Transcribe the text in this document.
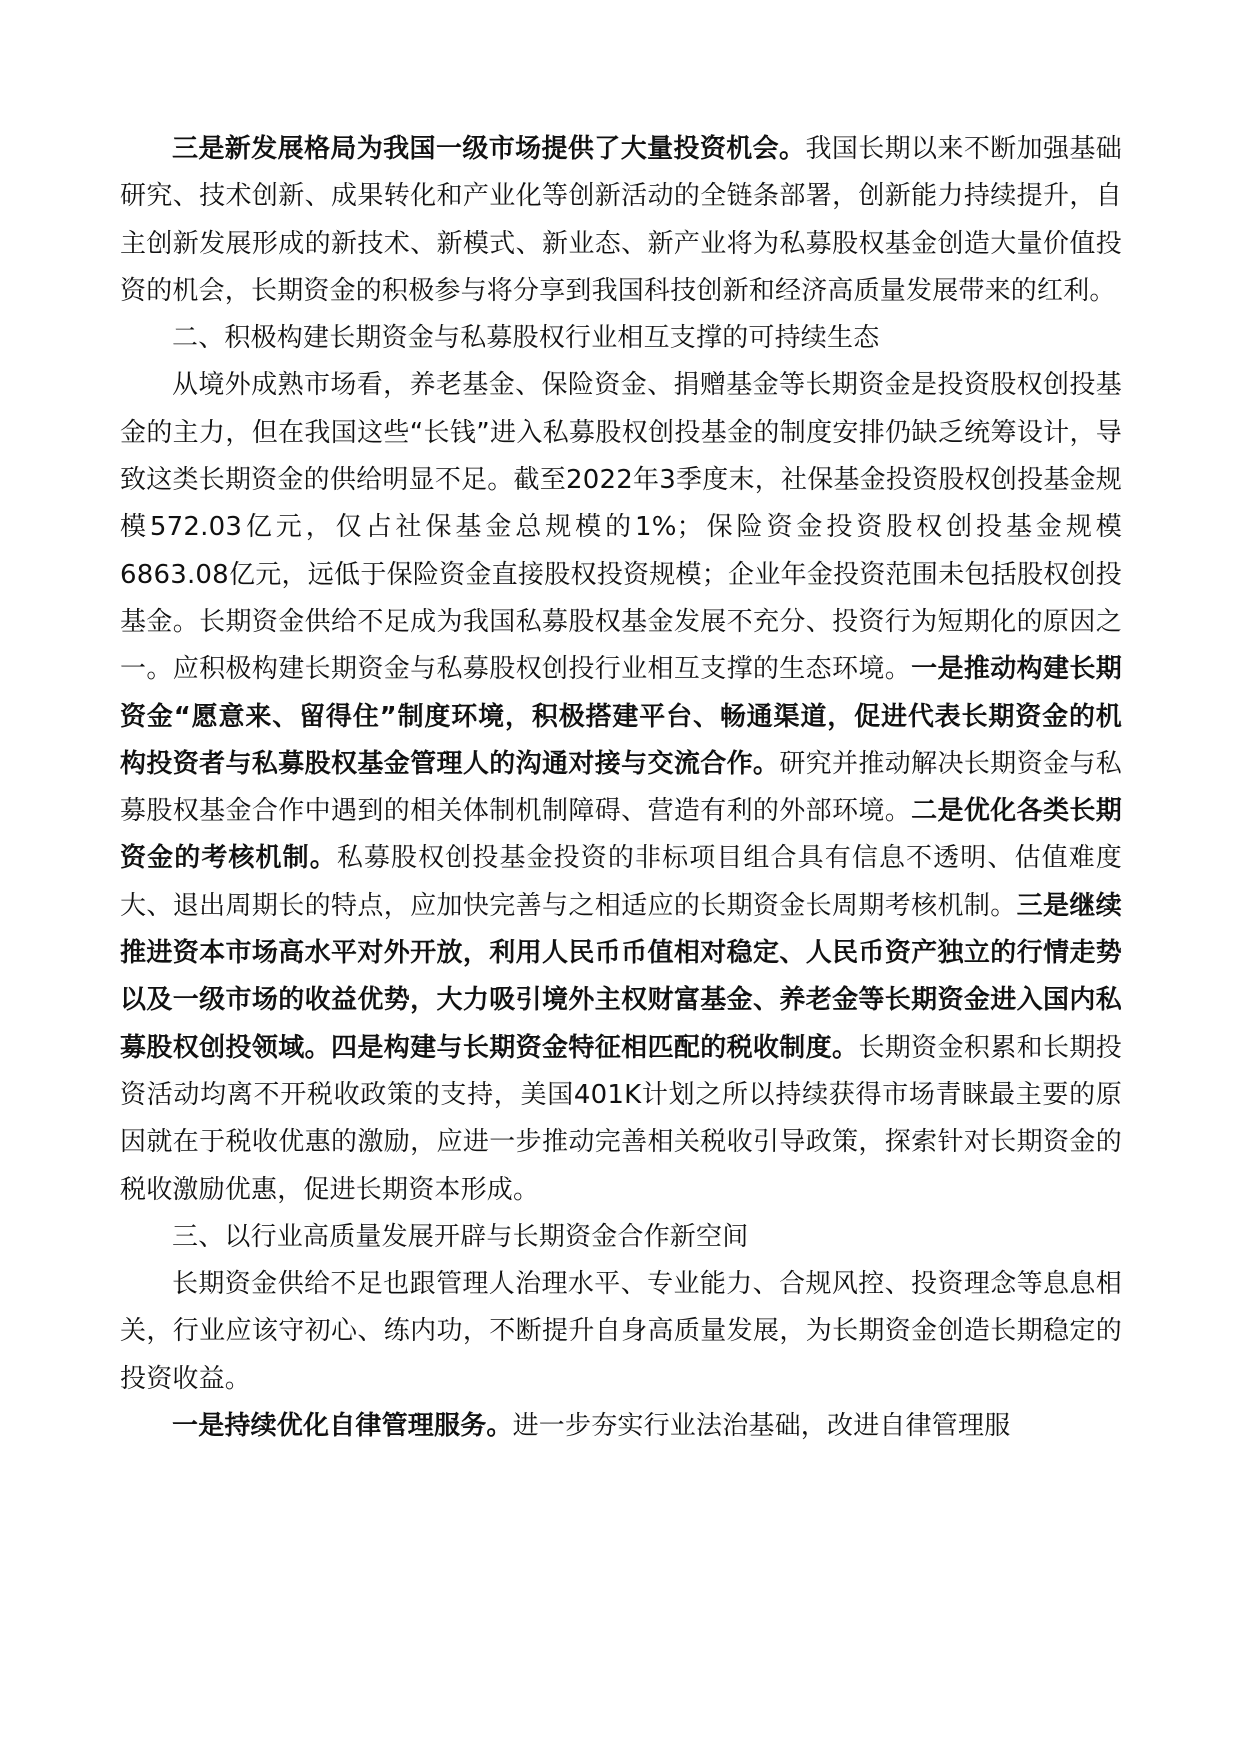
三是新发展格局为我国一级市场提供了大量投资机会。我国长期以来不断加强基础研究、技术创新、成果转化和产业化等创新活动的全链条部署，创新能力持续提升，自主创新发展形成的新技术、新模式、新业态、新产业将为私募股权基金创造大量价值投资的机会，长期资金的积极参与将分享到我国科技创新和经济高质量发展带来的红利。

二、积极构建长期资金与私募股权行业相互支撑的可持续生态

从境外成熟市场看，养老基金、保险资金、捐赠基金等长期资金是投资股权创投基金的主力，但在我国这些“长钱”进入私募股权创投基金的制度安排仍缺乏统筹设计，导致这类长期资金的供给明显不足。截至2022年3季度末，社保基金投资股权创投基金规模572.03亿元，仅占社保基金总规模的1%；保险资金投资股权创投基金规模6863.08亿元，远低于保险资金直接股权投资规模；企业年金投资范围未包括股权创投基金。长期资金供给不足成为我国私募股权基金发展不充分、投资行为短期化的原因之一。应积极构建长期资金与私募股权创投行业相互支撑的生态环境。一是推动构建长期资金“愿意来、留得住”制度环境，积极搭建平台、畅通渠道，促进代表长期资金的机构投资者与私募股权基金管理人的沟通对接与交流合作。研究并推动解决长期资金与私募股权基金合作中遇到的相关体制机制障碍、营造有利的外部环境。二是优化各类长期资金的考核机制。私募股权创投基金投资的非标项目组合具有信息不透明、估值难度大、退出周期长的特点，应加快完善与之相适应的长期资金长周期考核机制。三是继续推进资本市场高水平对外开放，利用人民币币值相对稳定、人民币资产独立的行情走势以及一级市场的收益优势，大力吸引境外主权财富基金、养老金等长期资金进入国内私募股权创投领域。四是构建与长期资金特征相匹配的税收制度。长期资金积累和长期投资活动均离不开税收政策的支持，美国401K计划之所以持续获得市场青睐最主要的原因就在于税收优惠的激励，应进一步推动完善相关税收引导政策，探索针对长期资金的税收激励优惠，促进长期资本形成。

三、以行业高质量发展开辟与长期资金合作新空间

长期资金供给不足也跟管理人治理水平、专业能力、合规风控、投资理念等息息相关，行业应该守初心、练内功，不断提升自身高质量发展，为长期资金创造长期稳定的投资收益。

一是持续优化自律管理服务。进一步夯实行业法治基础，改进自律管理服
